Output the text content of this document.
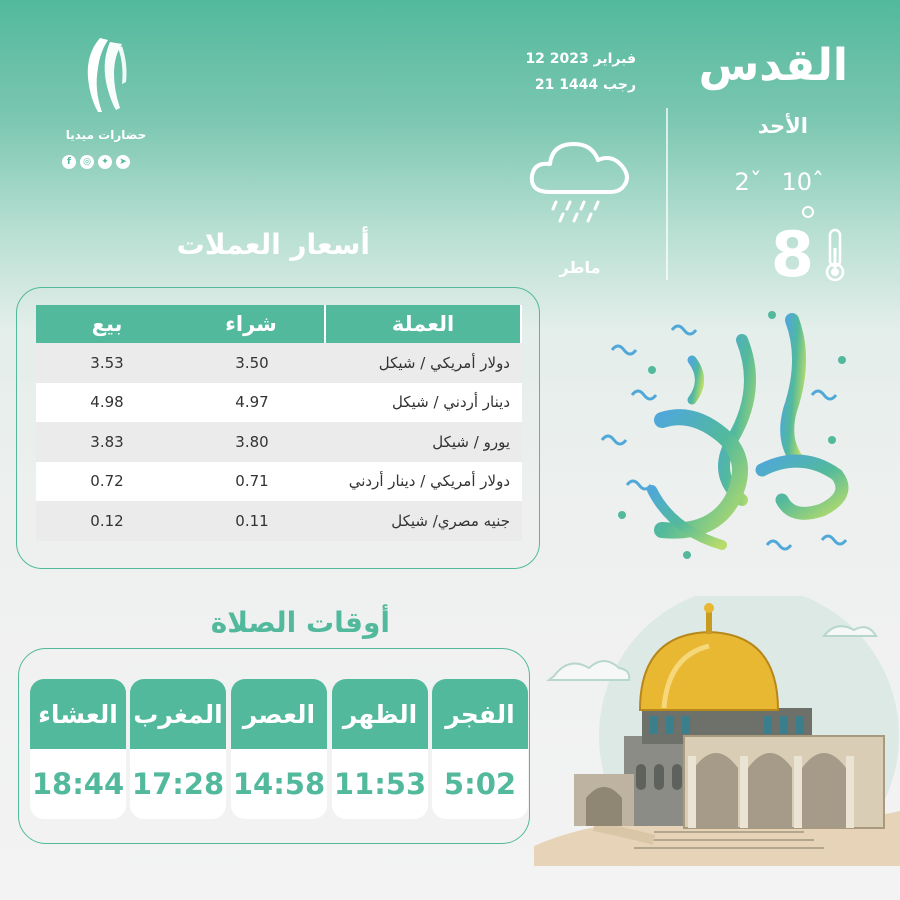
القدس
الأحد
2ˇ 10ˆ
8
12 فبراير 2023
21 رجب 1444
ماطر
حضارات ميديا
f	◎	✦	➤
أسعار العملات
بيع	شراء	العملة
3.53	3.50	دولار أمريكي / شيكل
4.98	4.97	دينار أردني / شيكل
3.83	3.80	يورو / شيكل
0.72	0.71	دولار أمريكي / دينار أردني
0.12	0.11	جنيه مصري/ شيكل
أوقات الصلاة
الفجر
5:02
الظهر
11:53
العصر
14:58
المغرب
17:28
العشاء
18:44
